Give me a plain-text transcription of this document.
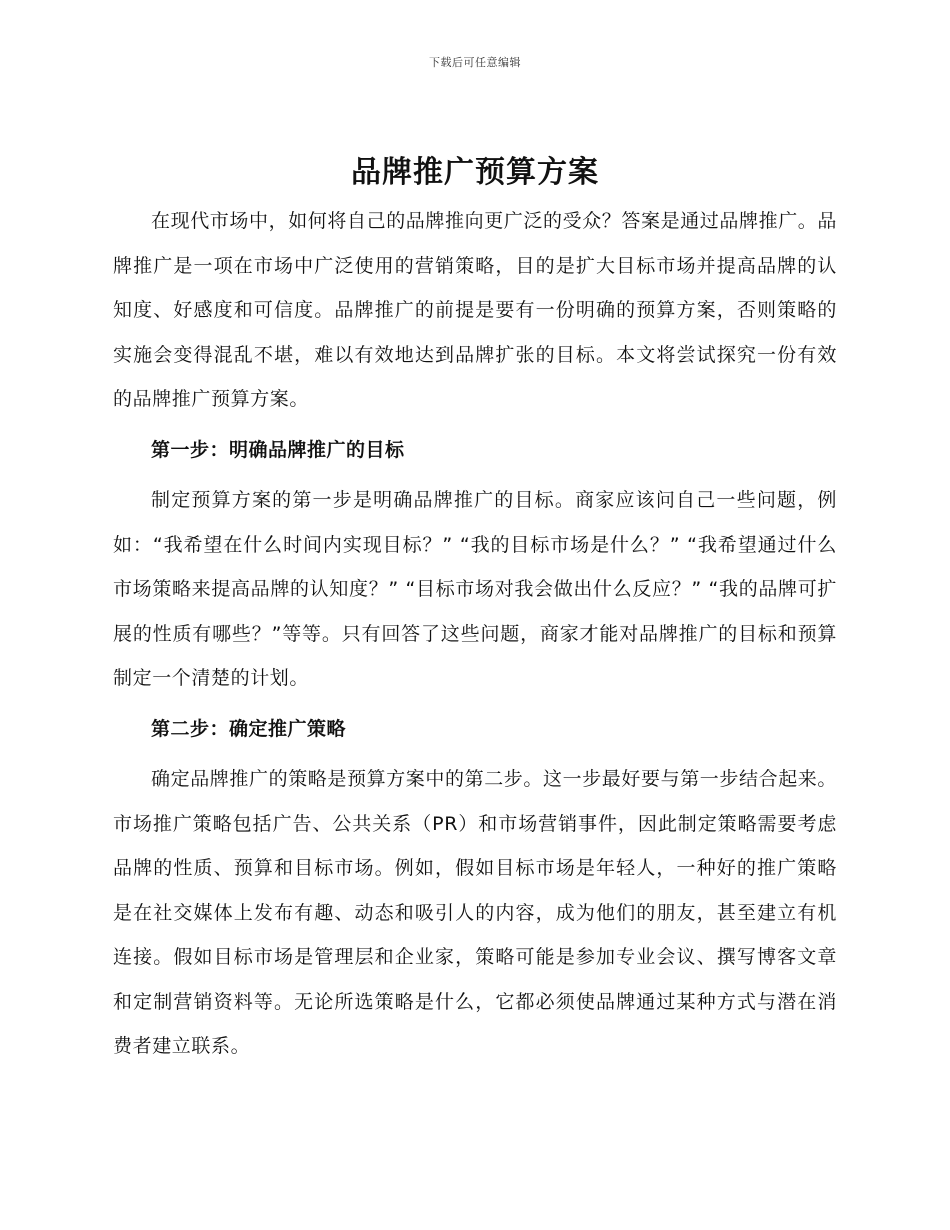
下载后可任意编辑
品牌推广预算方案

在现代市场中，如何将自己的品牌推向更广泛的受众？答案是通过品牌推广。品牌推广是一项在市场中广泛使用的营销策略，目的是扩大目标市场并提高品牌的认知度、好感度和可信度。品牌推广的前提是要有一份明确的预算方案，否则策略的实施会变得混乱不堪，难以有效地达到品牌扩张的目标。本文将尝试探究一份有效的品牌推广预算方案。

第一步：明确品牌推广的目标

制定预算方案的第一步是明确品牌推广的目标。商家应该问自己一些问题，例如：“我希望在什么时间内实现目标？” “我的目标市场是什么？” “我希望通过什么市场策略来提高品牌的认知度？” “目标市场对我会做出什么反应？” “我的品牌可扩展的性质有哪些？”等等。只有回答了这些问题，商家才能对品牌推广的目标和预算制定一个清楚的计划。

第二步：确定推广策略

确定品牌推广的策略是预算方案中的第二步。这一步最好要与第一步结合起来。市场推广策略包括广告、公共关系（PR）和市场营销事件，因此制定策略需要考虑品牌的性质、预算和目标市场。例如，假如目标市场是年轻人，一种好的推广策略是在社交媒体上发布有趣、动态和吸引人的内容，成为他们的朋友，甚至建立有机连接。假如目标市场是管理层和企业家，策略可能是参加专业会议、撰写博客文章和定制营销资料等。无论所选策略是什么，它都必须使品牌通过某种方式与潜在消费者建立联系。
